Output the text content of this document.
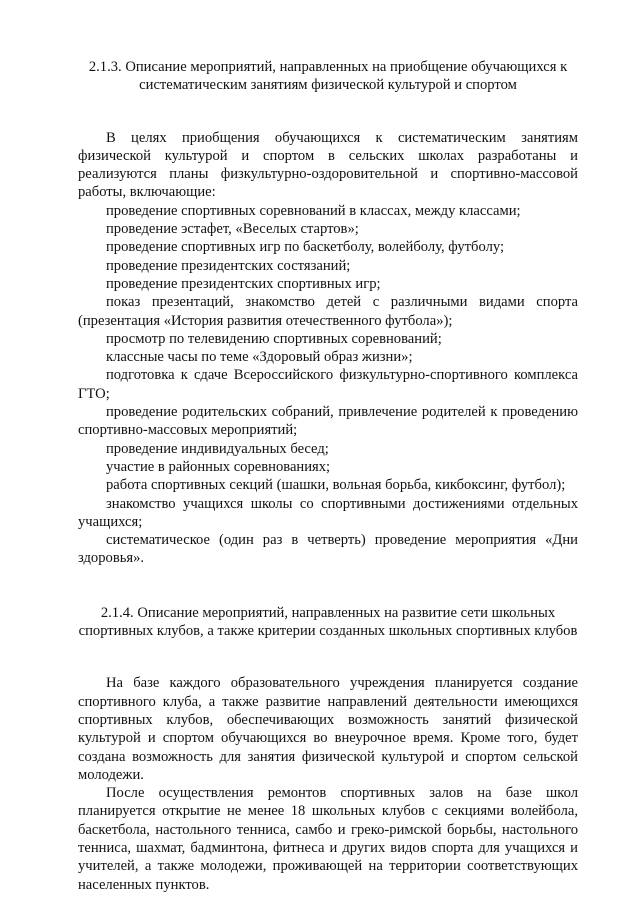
2.1.3. Описание мероприятий, направленных на приобщение обучающихся к систематическим занятиям физической культурой и спортом

В целях приобщения обучающихся к систематическим занятиям физической культурой и спортом в сельских школах разработаны и реализуются планы физкультурно-оздоровительной и спортивно-массовой работы, включающие:

проведение спортивных соревнований в классах, между классами;

проведение эстафет, «Веселых стартов»;

проведение спортивных игр по баскетболу, волейболу, футболу;

проведение президентских состязаний;

проведение президентских спортивных игр;

показ презентаций, знакомство детей с различными видами спорта (презентация «История развития отечественного футбола»);

просмотр по телевидению спортивных соревнований;

классные часы по теме «Здоровый образ жизни»;

подготовка к сдаче Всероссийского физкультурно-спортивного комплекса ГТО;

проведение родительских собраний, привлечение родителей к проведению спортивно-массовых мероприятий;

проведение индивидуальных бесед;

участие в районных соревнованиях;

работа спортивных секций (шашки, вольная борьба, кикбоксинг, футбол);

знакомство учащихся школы со спортивными достижениями отдельных учащихся;

систематическое (один раз в четверть) проведение мероприятия «Дни здоровья».

2.1.4. Описание мероприятий, направленных на развитие сети школьных спортивных клубов, а также критерии созданных школьных спортивных клубов

На базе каждого образовательного учреждения планируется создание спортивного клуба, а также развитие направлений деятельности имеющихся спортивных клубов, обеспечивающих возможность занятий физической культурой и спортом обучающихся во внеурочное время. Кроме того, будет создана возможность для занятия физической культурой и спортом сельской молодежи.

После осуществления ремонтов спортивных залов на базе школ планируется открытие не менее 18 школьных клубов с секциями волейбола, баскетбола, настольного тенниса, самбо и греко-римской борьбы, настольного тенниса, шахмат, бадминтона, фитнеса и других видов спорта для учащихся и учителей, а также молодежи, проживающей на территории соответствующих населенных пунктов.
